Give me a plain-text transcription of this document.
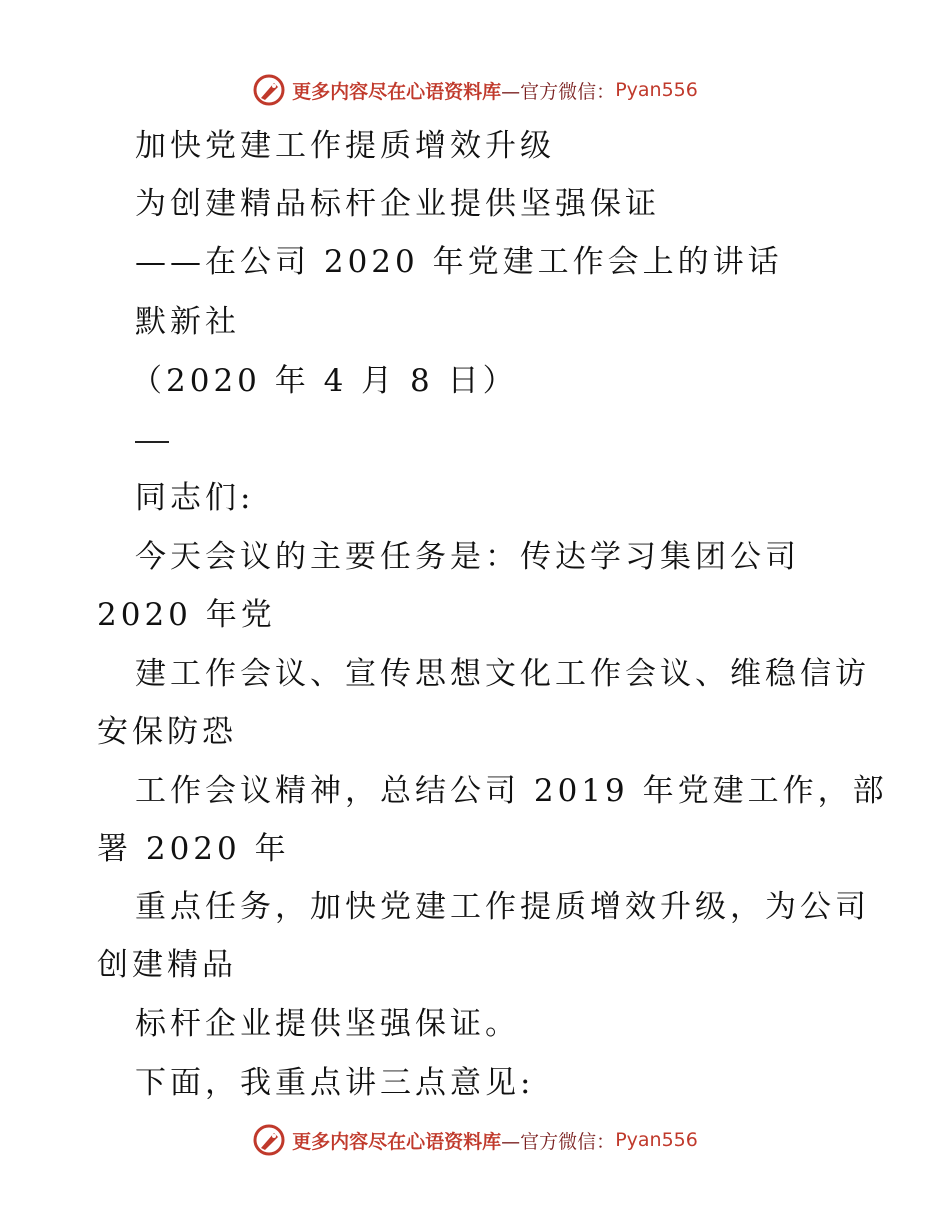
更多内容尽在心语资料库 —官方微信： Pyan556
加快党建工作提质增效升级
为创建精品标杆企业提供坚强保证
——在公司 2020 年党建工作会上的讲话
默新社
（2020 年 4 月 8 日）
同志们:
今天会议的主要任务是：传达学习集团公司
2020 年党
建工作会议、宣传思想文化工作会议、维稳信访
安保防恐
工作会议精神，总结公司 2019 年党建工作，部
署 2020 年
重点任务，加快党建工作提质增效升级，为公司
创建精品
标杆企业提供坚强保证。
下面，我重点讲三点意见:
更多内容尽在心语资料库 —官方微信： Pyan556
